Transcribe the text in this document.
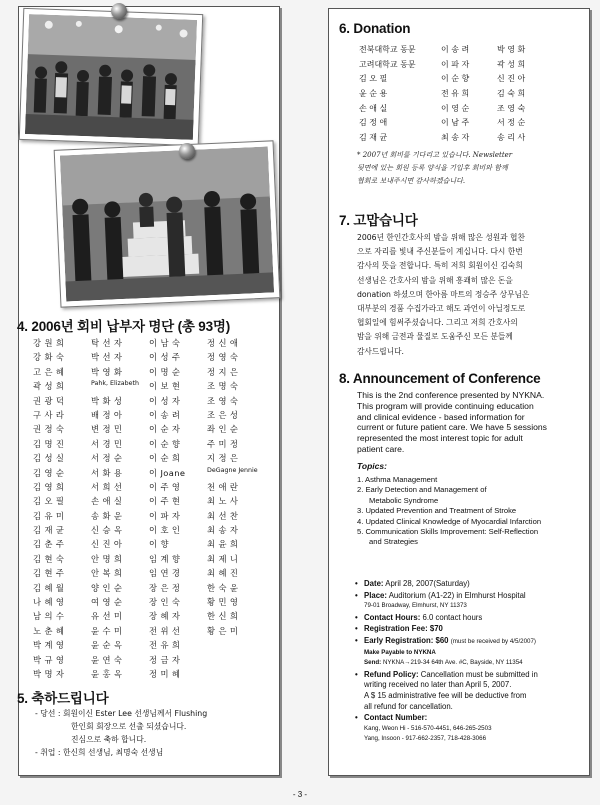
4. 2006년 회비 납부자 명단 (총 93명)
강 원 희	탁 선 자	이 남 숙	정 신 애
강 화 숙	박 선 자	이 성 주	정 영 숙
고 은 혜	박 영 화	이 명 순	정 지 은
곽 성 희	Pahk, Elizabeth	이 보 현	조 명 숙
권 광 덕	박 화 성	이 성 자	조 영 숙
구 사 라	배 정 아	이 송 려	조 은 성
권 정 숙	변 정 민	이 순 자	좌 인 순
김 명 진	서 경 민	이 순 향	주 미 정
김 성 실	서 정 순	이 순 희	지 정 은
김 영 순	서 화 용	이 Joane	DeGagne Jennie
김 영 희	서 희 선	이 주 영	천 애 란
김 오 필	손 애 실	이 주 현	최 노 사
김 유 미	송 화 운	이 파 자	최 선 찬
김 재 균	신 승 옥	이 호 인	최 송 자
김 춘 주	신 진 아	이 향	최 윤 희
김 현 숙	안 명 희	임 계 향	최 제 니
김 현 주	안 복 희	임 연 경	최 혜 진
김 혜 월	양 인 순	장 은 정	한 숙 윤
나 혜 영	여 영 순	장 인 숙	황 민 영
남 의 수	유 선 미	장 혜 자	한 신 희
노 춘 혜	윤 수 미	전 위 선	황 은 미
박 계 영	윤 순 옥	전 유 희
박 규 영	윤 연 숙	정 금 자
박 명 자	윤 홍 옥	정 미 혜
5. 축하드립니다
- 당선 : 회원이신 Ester Lee 선생님께서 Flushing
한인회 회장으로 선출 되셨습니다.
진심으로 축하 합니다.
- 취업 : 한신희 선생님, 최명숙 선생님
6. Donation
전북대학교 동문	이 송 려	박 영 화
고려대학교 동문	이 파 자	곽 성 희
김 오 필	이 순 향	신 진 아
윤 순 용	전 유 희	김 숙 희
손 애 실	이 영 순	조 영 숙
김 정 애	이 남 주	서 정 순
김 재 균	최 송 자	송 리 사
* 2007년 회비를 기다리고 있습니다. Newsletter
뒷면에 있는 회원 등록 양식을 기입후 회비와 함께
협회로 보내주시면 감사하겠습니다.
7. 고맙습니다
2006년 한인간호사의 밤을 위해 많은 성원과 협찬
으로 자리를 빛내 주신분들이 계십니다. 다시 한번
감사의 뜻을 전합니다. 특히 저희 회원이신 김숙희
선생님은 간호사의 밤을 위해 흥쾌히 많은 돈을
donation 하셨으며 한아름 마트의 정승주 상무님은
대부분의 경품 수집가라고 해도 과언이 아닐정도로
협회일에 힘써주셨습니다. 그리고 저희 간호사의
밤을 위해 금전과 물질로 도움주신 모든 분들께
감사드립니다.
8. Announcement of Conference
This is the 2nd conference presented by NYKNA.
This program will provide continuing education
and clinical evidence - based information for
current or future patient care. We have 5 sessions
represented the most interest topic for adult
patient care.
Topics:
1. Asthma Management
2. Early Detection and Management of
Metabolic Syndrome
3. Updated Prevention and Treatment of Stroke
4. Updated Clinical Knowledge of Myocardial Infarction
5. Communication Skills Improvement: Self-Reflection
and Strategies
• Date: April 28, 2007(Saturday)
• Place: Auditorium (A1-22) in Elmhurst Hospital
79-01 Broadway, Elmhurst, NY 11373
• Contact Hours: 6.0 contact hours
• Registration Fee: $70
• Early Registration: $60 (must be received by 4/5/2007)
Make Payable to NYKNA
Send: NYKNA→219-34 64th Ave. #C, Bayside, NY 11354
• Refund Policy: Cancellation must be submitted in
writing received no later than April 5, 2007.
A $ 15 administrative fee will be deductive from
all refund for cancellation.
• Contact Number:
Kang, Weon Hi - 516-570-4451, 646-265-2503
Yang, Insoon - 917-662-2357, 718-428-3066
- 3 -
